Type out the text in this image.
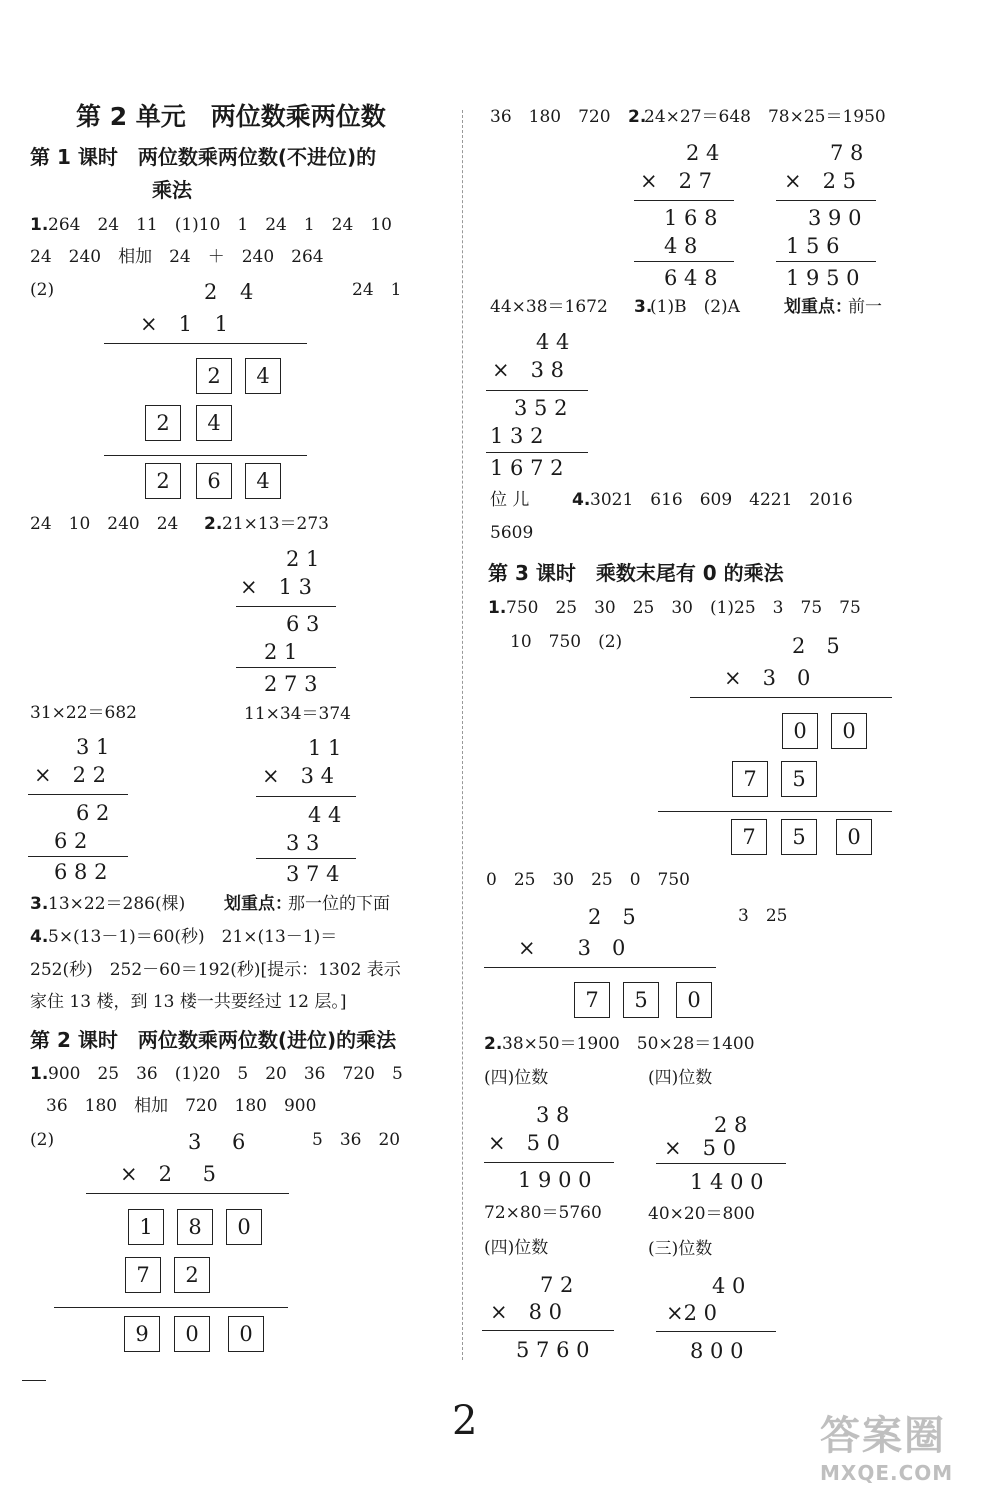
第 2 单元　两位数乘两位数
第 1 课时　两位数乘两位数(不进位)的
乘法
1. 264　24　11　(1)10　1　24　1　24　10
24　240　相加　24　＋　240　264
(2)	24　1
2 4
×　1 1
2	4
2	4
2	6	4
24　10　240　24 2. 21×13＝273
2 1
×　1 3
6 3
2 1
2 7 3
31×22＝682	11×34＝374
3 1
×　2 2
6 2
6 2
6 8 2
1 1
×　3 4
4 4
3 3
3 7 4
3. 13×22＝286(棵) 划重点：
那一位的下面
4. 5×(13－1)＝60(秒)　21×(13－1)＝
252(秒)　252－60＝192(秒)[提示：1302 表示
家住 13 楼，到 13 楼一共要经过 12 层。]
第 2 课时　两位数乘两位数(进位)的乘法
1. 900　25　36　(1)20　5　20　36　720　5
36　180　相加　720　180　900
(2)	5　36　20
3 6
×　2 5
1	8	0
7	2
9	0	0
36　180　720 2.
24×27＝648　78×25＝1950
2 4
×　2 7
1 6 8
4 8
6 4 8
7 8
×　2 5
3 9 0
1 5 6
1 9 5 0
44×38＝1672 3.
(1)B　(2)A	划重点：
前一
4 4
×　3 8
3 5 2
1 3 2
1 6 7 2
位 儿	4. 3021　616　609　4221　2016
5609
第 3 课时　乘数末尾有 0 的乘法
1. 750　25　30　25　30　(1)25　3　75　75
10　750　(2)	2　5
×　3　0
0	0
7	5
7	5	0
0　25　30　25　0　750
2　5	3　25
×　　3　0
7	5	0
2. 38×50＝1900　50×28＝1400
(四)位数	(四)位数
3 8
×　5 0
1 9 0 0
2 8
×　5 0
1 4 0 0
72×80＝5760	40×20＝800
(四)位数	(三)位数
7 2
×　8 0
5 7 6 0
4 0
×2 0
8 0 0
2	答案圈
MXQE.COM
